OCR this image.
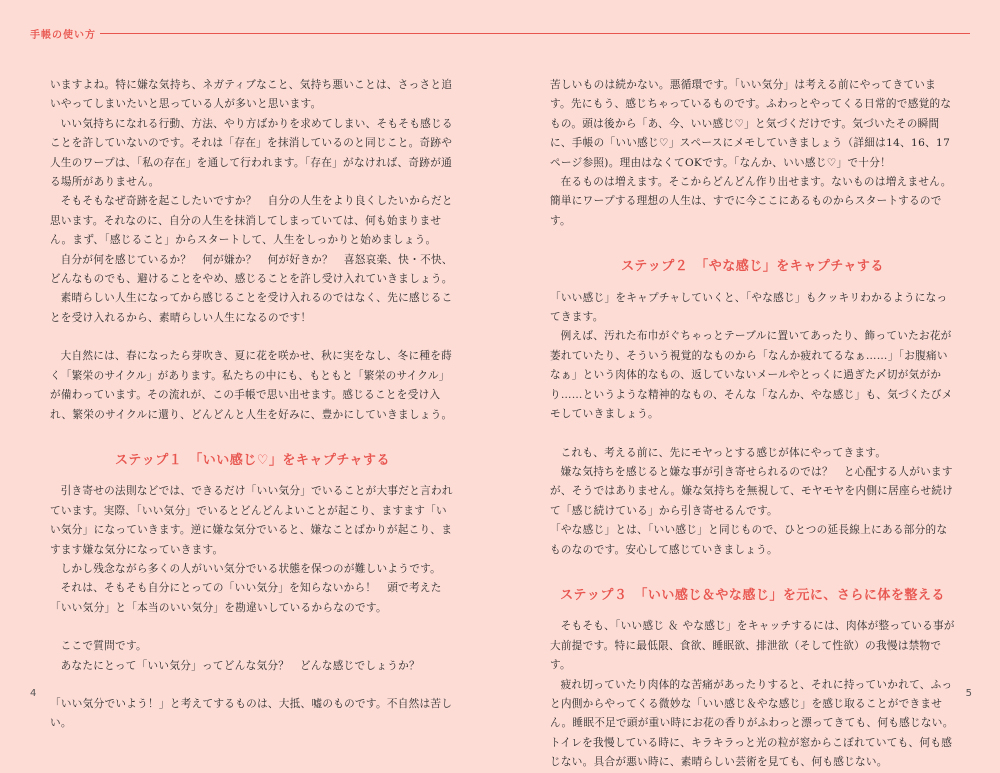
手帳の使い方

いますよね。特に嫌な気持ち、ネガティブなこと、気持ち悪いことは、さっさと追いやってしまいたいと思っている人が多いと思います。

いい気持ちになれる行動、方法、やり方ばかりを求めてしまい、そもそも感じることを許していないのです。それは「存在」を抹消しているのと同じこと。奇跡や人生のワープは、「私の存在」を通して行われます。「存在」がなければ、奇跡が通る場所がありません。

そもそもなぜ奇跡を起こしたいですか？　自分の人生をより良くしたいからだと思います。それなのに、自分の人生を抹消してしまっていては、何も始まりません。まず、「感じること」からスタートして、人生をしっかりと始めましょう。

自分が何を感じているか？　何が嫌か？　何が好きか？　喜怒哀楽、快・不快、どんなものでも、避けることをやめ、感じることを許し受け入れていきましょう。

素晴らしい人生になってから感じることを受け入れるのではなく、先に感じることを受け入れるから、素晴らしい人生になるのです！

大自然には、春になったら芽吹き、夏に花を咲かせ、秋に実をなし、冬に種を蒔く「繁栄のサイクル」があります。私たちの中にも、もともと「繁栄のサイクル」が備わっています。その流れが、この手帳で思い出せます。感じることを受け入れ、繁栄のサイクルに還り、どんどんと人生を好みに、豊かにしていきましょう。

ステップ１　「いい感じ♡」をキャプチャする

引き寄せの法則などでは、できるだけ「いい気分」でいることが大事だと言われています。実際、「いい気分」でいるとどんどんよいことが起こり、ますます「いい気分」になっていきます。逆に嫌な気分でいると、嫌なことばかりが起こり、ますます嫌な気分になっていきます。

しかし残念ながら多くの人がいい気分でいる状態を保つのが難しいようです。

それは、そもそも自分にとっての「いい気分」を知らないから！　頭で考えた「いい気分」と「本当のいい気分」を勘違いしているからなのです。

ここで質問です。

あなたにとって「いい気分」ってどんな気分？　どんな感じでしょうか？

「いい気分でいよう！」と考えてするものは、大抵、嘘のものです。不自然は苦しい。

苦しいものは続かない。悪循環です。「いい気分」は考える前にやってきています。先にもう、感じちゃっているものです。ふわっとやってくる日常的で感覚的なもの。頭は後から「あ、今、いい感じ♡」と気づくだけです。気づいたその瞬間に、手帳の「いい感じ♡」スペースにメモしていきましょう（詳細は14、16、17ページ参照)。理由はなくてOKです。「なんか、いい感じ♡」で十分！

在るものは増えます。そこからどんどん作り出せます。ないものは増えません。簡単にワープする理想の人生は、すでに今ここにあるものからスタートするのです。

ステップ２　「やな感じ」をキャプチャする

「いい感じ」をキャプチャしていくと、「やな感じ」もクッキリわかるようになってきます。

例えば、汚れた布巾がぐちゃっとテーブルに置いてあったり、飾っていたお花が萎れていたり、そういう視覚的なものから「なんか疲れてるなぁ……」「お腹痛いなぁ」という肉体的なもの、返していないメールやとっくに過ぎた〆切が気がかり……というような精神的なもの、そんな「なんか、やな感じ」も、気づくたびメモしていきましょう。

これも、考える前に、先にモヤっとする感じが体にやってきます。

嫌な気持ちを感じると嫌な事が引き寄せられるのでは？　と心配する人がいますが、そうではありません。嫌な気持ちを無視して、モヤモヤを内側に居座らせ続けて「感じ続けている」から引き寄せるんです。

「やな感じ」とは、「いい感じ」と同じもので、ひとつの延長線上にある部分的なものなのです。安心して感じていきましょう。

ステップ３　「いい感じ＆やな感じ」を元に、さらに体を整える

そもそも、「いい感じ ＆ やな感じ」をキャッチするには、肉体が整っている事が大前提です。特に最低限、食欲、睡眠欲、排泄欲（そして性欲）の我慢は禁物です。

疲れ切っていたり肉体的な苦痛があったりすると、それに持っていかれて、ふっと内側からやってくる微妙な「いい感じ＆やな感じ」を感じ取ることができません。睡眠不足で頭が重い時にお花の香りがふわっと漂ってきても、何も感じない。トイレを我慢している時に、キラキラっと光の粒が窓からこぼれていても、何も感じない。具合が悪い時に、素晴らしい芸術を見ても、何も感じない。

4	5
